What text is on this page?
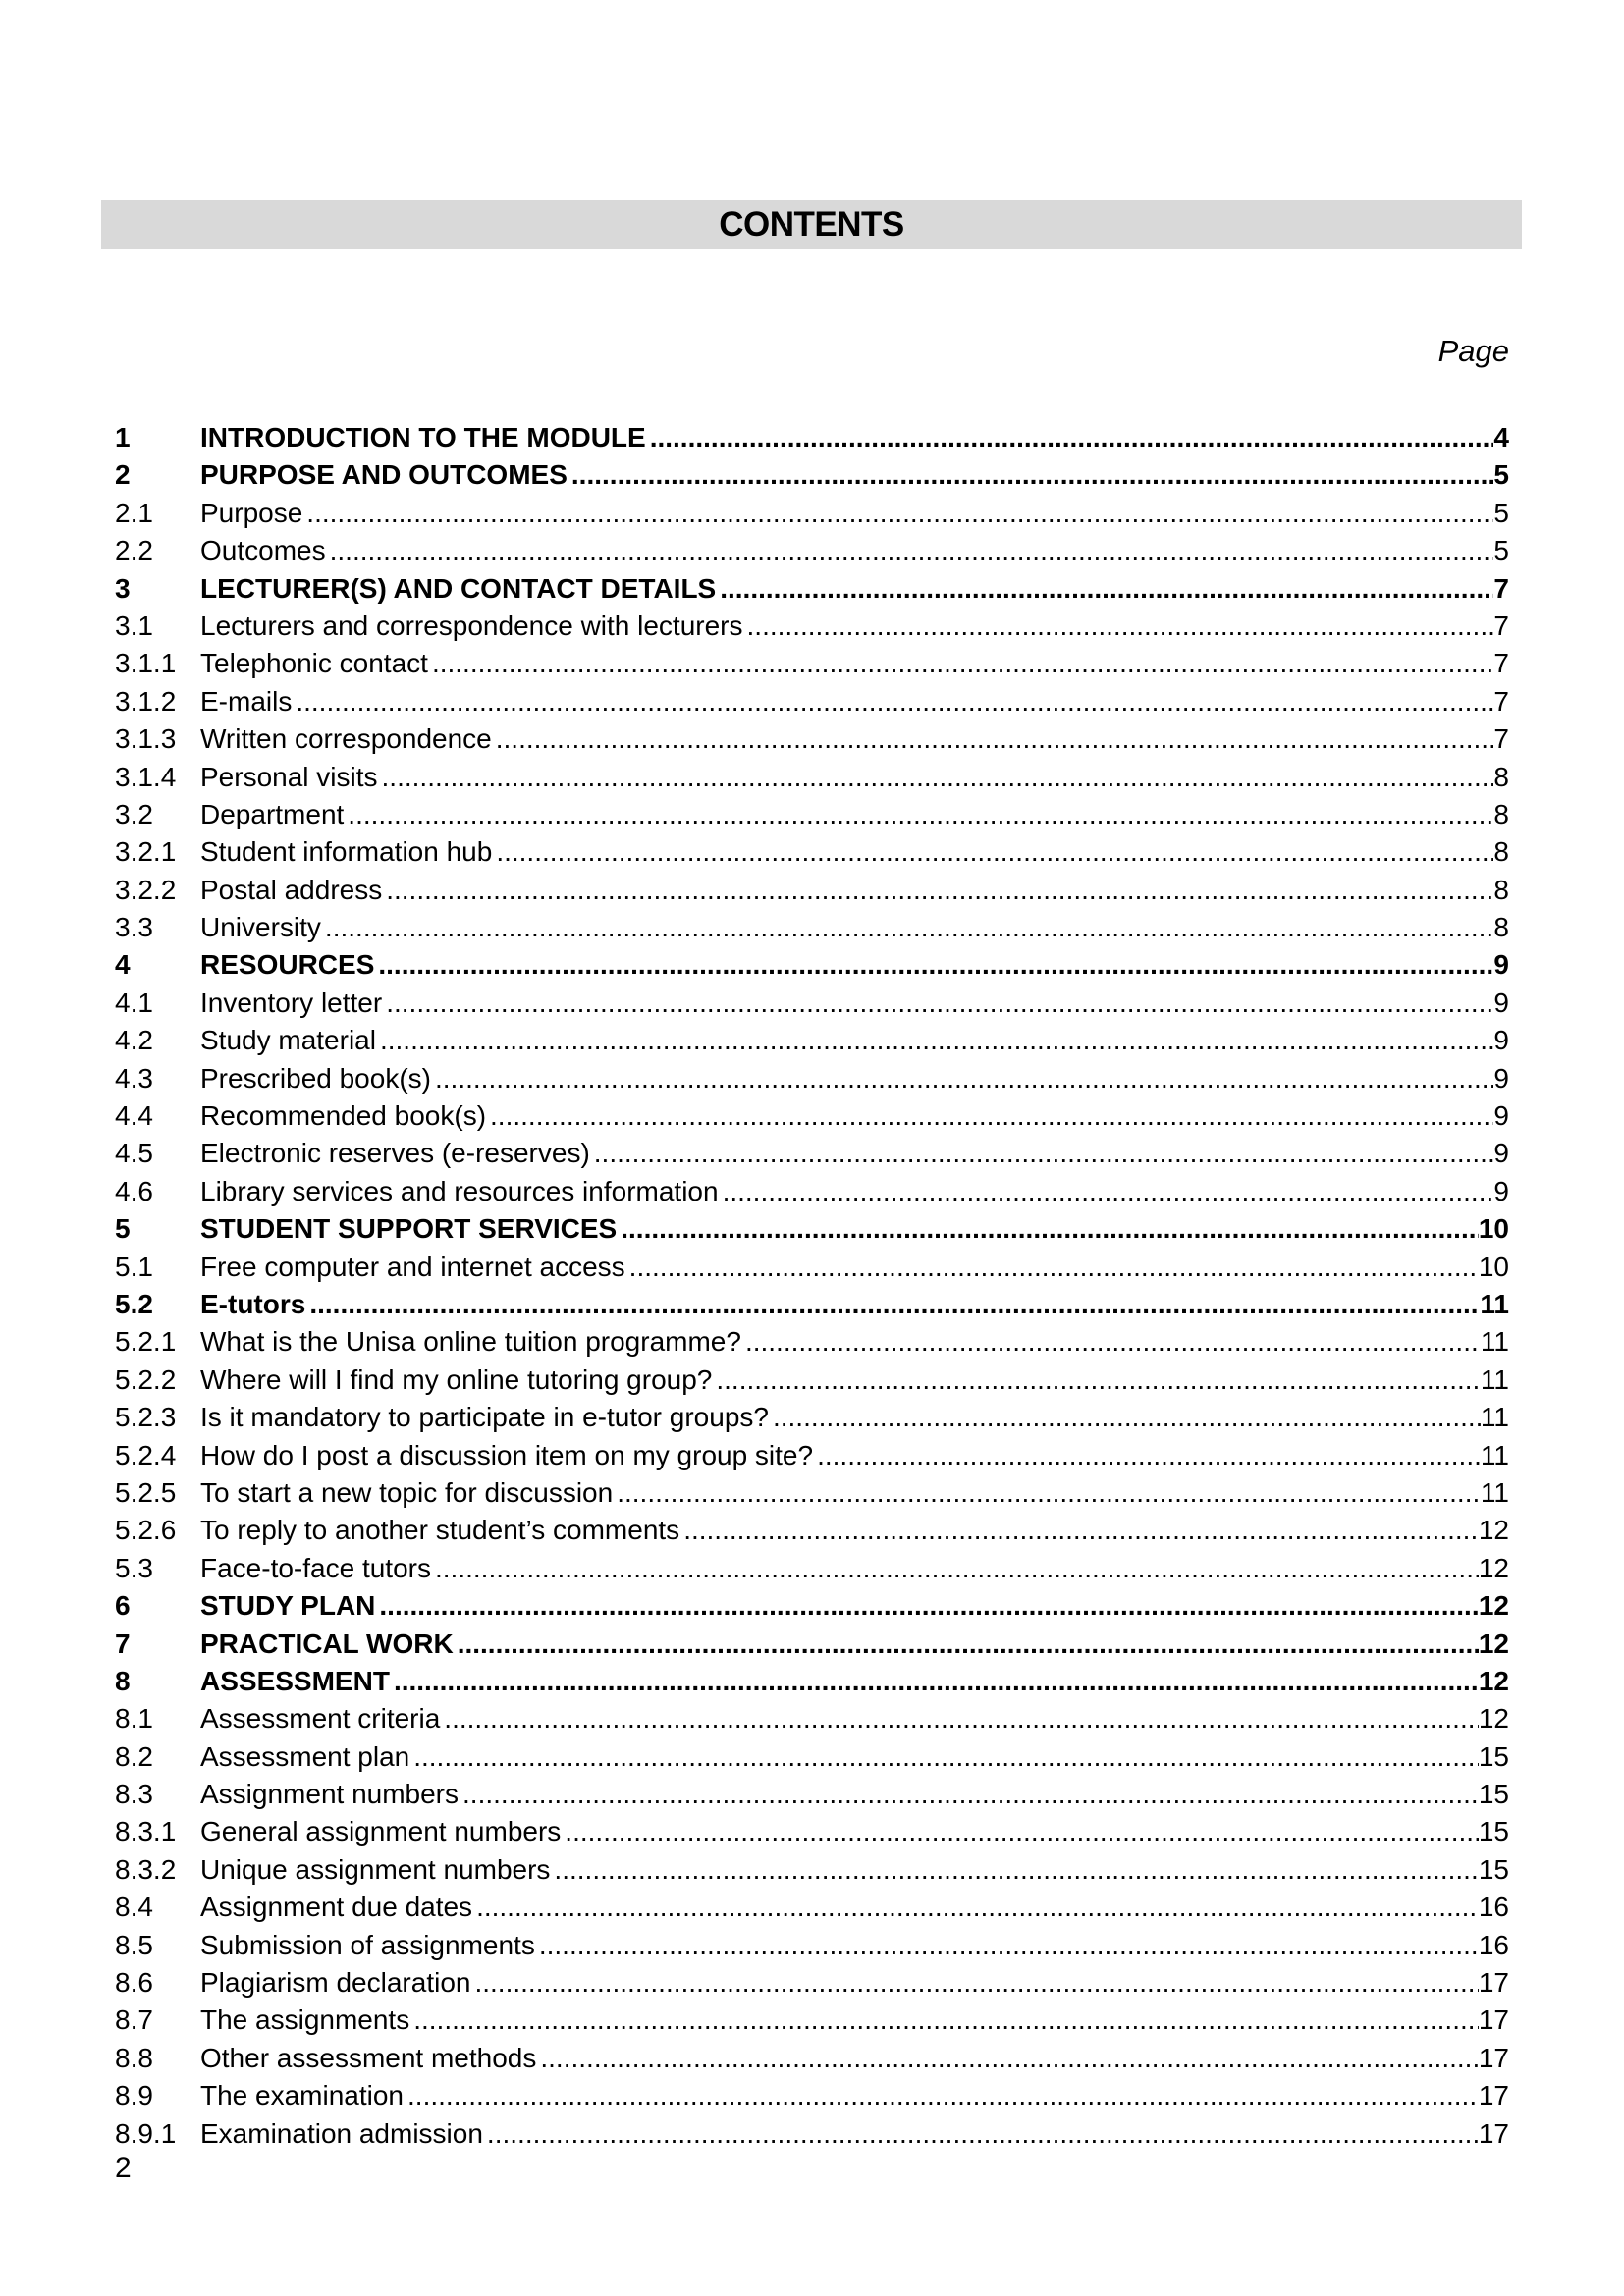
CONTENTS
Page
1	INTRODUCTION TO THE MODULE .....	4
2	PURPOSE AND OUTCOMES .....	5
2.1	Purpose .....	5
2.2	Outcomes .....	5
3	LECTURER(S) AND CONTACT DETAILS .....	7
3.1	Lecturers and correspondence with lecturers .....	7
3.1.1 Telephonic contact .....	7
3.1.2 E-mails .....	7
3.1.3 Written correspondence .....	7
3.1.4 Personal visits .....	8
3.2	Department .....	8
3.2.1 Student information hub .....	8
3.2.2 Postal address .....	8
3.3	University .....	8
4	RESOURCES .....	9
4.1	Inventory letter .....	9
4.2	Study material .....	9
4.3	Prescribed book(s) .....	9
4.4	Recommended book(s) .....	9
4.5	Electronic reserves (e-reserves) .....	9
4.6	Library services and resources information .....	9
5	STUDENT SUPPORT SERVICES .....	10
5.1	Free computer and internet access .....	10
5.2	E-tutors .....	11
5.2.1 What is the Unisa online tuition programme? .....	11
5.2.2 Where will I find my online tutoring group? .....	11
5.2.3 Is it mandatory to participate in e-tutor groups? .....	11
5.2.4 How do I post a discussion item on my group site? .....	11
5.2.5 To start a new topic for discussion .....	11
5.2.6 To reply to another student’s comments .....	12
5.3	Face-to-face tutors .....	12
6	STUDY PLAN .....	12
7	PRACTICAL WORK .....	12
8	ASSESSMENT .....	12
8.1	Assessment criteria .....	12
8.2	Assessment plan .....	15
8.3	Assignment numbers .....	15
8.3.1 General assignment numbers .....	15
8.3.2 Unique assignment numbers .....	15
8.4	Assignment due dates .....	16
8.5	Submission of assignments .....	16
8.6	Plagiarism declaration .....	17
8.7	The assignments .....	17
8.8	Other assessment methods .....	17
8.9	The examination .....	17
8.9.1 Examination admission .....	17
2
